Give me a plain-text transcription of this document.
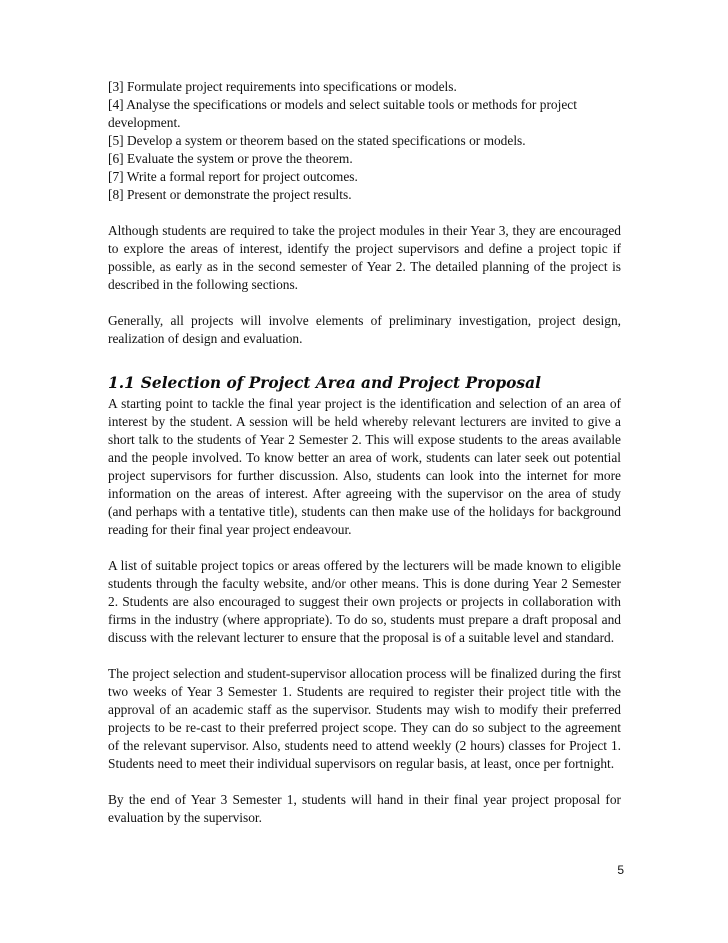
[3] Formulate project requirements into specifications or models.

[4] Analyse the specifications or models and select suitable tools or methods for project development.

[5] Develop a system or theorem based on the stated specifications or models.

[6] Evaluate the system or prove the theorem.

[7] Write a formal report for project outcomes.

[8] Present or demonstrate the project results.

Although students are required to take the project modules in their Year 3, they are encouraged to explore the areas of interest, identify the project supervisors and define a project topic if possible, as early as in the second semester of Year 2. The detailed planning of the project is described in the following sections.

Generally, all projects will involve elements of preliminary investigation, project design, realization of design and evaluation.

1.1 Selection of Project Area and Project Proposal

A starting point to tackle the final year project is the identification and selection of an area of interest by the student. A session will be held whereby relevant lecturers are invited to give a short talk to the students of Year 2 Semester 2. This will expose students to the areas available and the people involved. To know better an area of work, students can later seek out potential project supervisors for further discussion. Also, students can look into the internet for more information on the areas of interest. After agreeing with the supervisor on the area of study (and perhaps with a tentative title), students can then make use of the holidays for background reading for their final year project endeavour.

A list of suitable project topics or areas offered by the lecturers will be made known to eligible students through the faculty website, and/or other means. This is done during Year 2 Semester 2. Students are also encouraged to suggest their own projects or projects in collaboration with firms in the industry (where appropriate). To do so, students must prepare a draft proposal and discuss with the relevant lecturer to ensure that the proposal is of a suitable level and standard.

The project selection and student-supervisor allocation process will be finalized during the first two weeks of Year 3 Semester 1. Students are required to register their project title with the approval of an academic staff as the supervisor. Students may wish to modify their preferred projects to be re-cast to their preferred project scope. They can do so subject to the agreement of the relevant supervisor. Also, students need to attend weekly (2 hours) classes for Project 1. Students need to meet their individual supervisors on regular basis, at least, once per fortnight.

By the end of Year 3 Semester 1, students will hand in their final year project proposal for evaluation by the supervisor.

5
